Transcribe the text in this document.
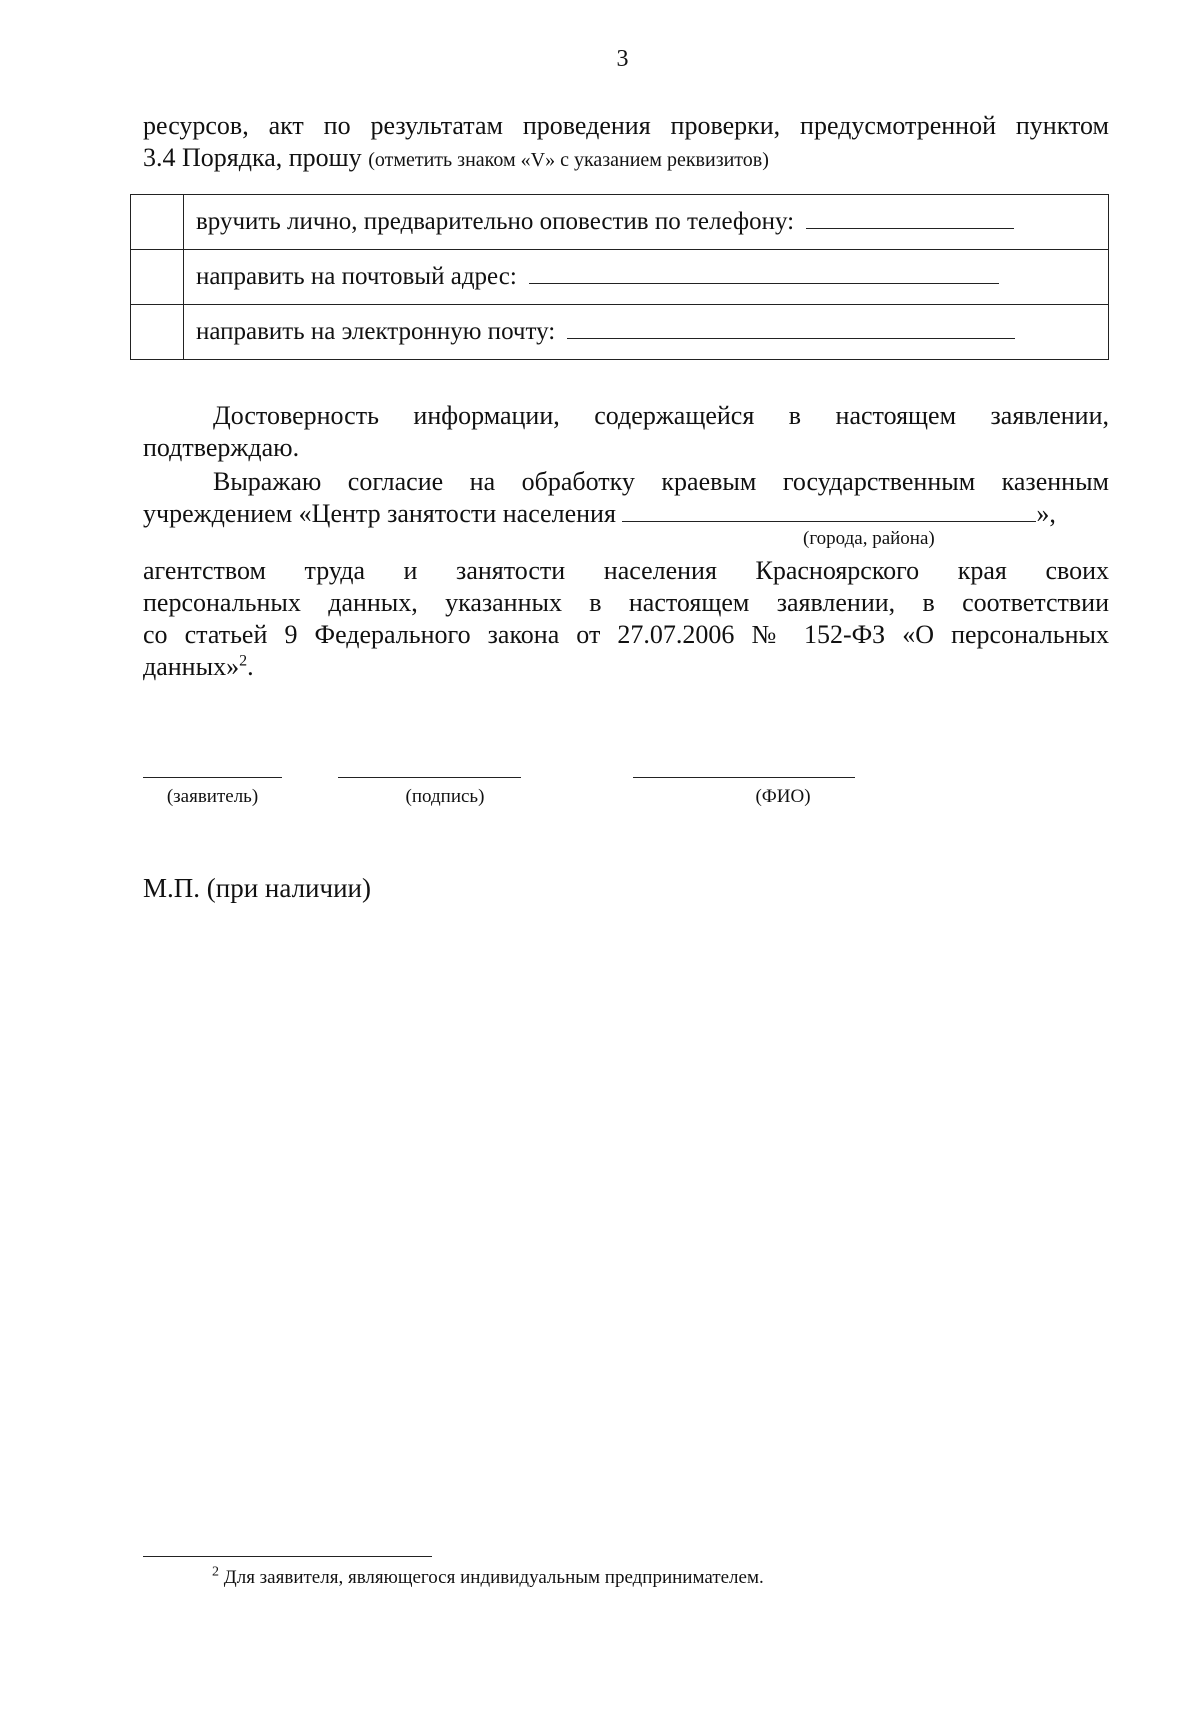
3
ресурсов, акт по результатам проведения проверки, предусмотренной пунктом
3.4 Порядка, прошу (отметить знаком «V» с указанием реквизитов)
	вручить лично, предварительно оповестив по телефону:
	направить на почтовый адрес:
	направить на электронную почту:
Достоверность информации, содержащейся в настоящем заявлении,
подтверждаю.
Выражаю согласие на обработку краевым государственным казенным
учреждением «Центр занятости населения	»,
(города, района)
агентством труда и занятости населения Красноярского края своих
персональных данных, указанных в настоящем заявлении, в соответствии
со статьей 9 Федерального закона от 27.07.2006 № 152-ФЗ «О персональных
данных»$^2$.
(заявитель)	(подпись)	(ФИО)
М.П. (при наличии)
$^2$ Для заявителя, являющегося индивидуальным предпринимателем.
